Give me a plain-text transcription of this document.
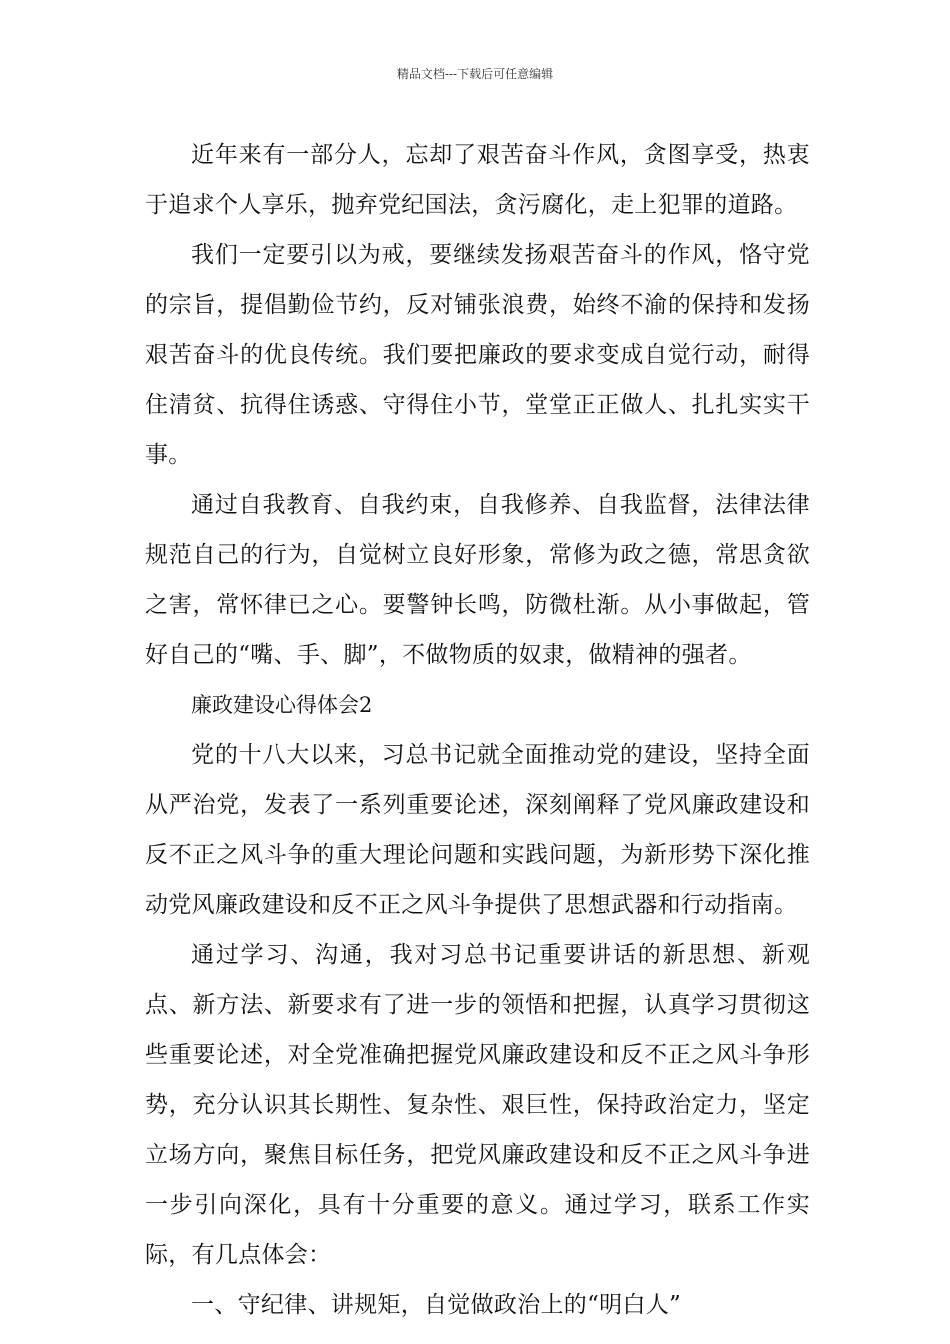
精品文档---下载后可任意编辑

近年来有一部分人，忘却了艰苦奋斗作风，贪图享受，热衷于追求个人享乐，抛弃党纪国法，贪污腐化，走上犯罪的道路。

我们一定要引以为戒，要继续发扬艰苦奋斗的作风，恪守党的宗旨，提倡勤俭节约，反对铺张浪费，始终不渝的保持和发扬艰苦奋斗的优良传统。我们要把廉政的要求变成自觉行动，耐得住清贫、抗得住诱惑、守得住小节，堂堂正正做人、扎扎实实干事。

通过自我教育、自我约束，自我修养、自我监督，法律法律规范自己的行为，自觉树立良好形象，常修为政之德，常思贪欲之害，常怀律已之心。要警钟长鸣，防微杜渐。从小事做起，管好自己的“嘴、手、脚”，不做物质的奴隶，做精神的强者。

廉政建设心得体会2

党的十八大以来，习总书记就全面推动党的建设，坚持全面从严治党，发表了一系列重要论述，深刻阐释了党风廉政建设和反不正之风斗争的重大理论问题和实践问题，为新形势下深化推动党风廉政建设和反不正之风斗争提供了思想武器和行动指南。

通过学习、沟通，我对习总书记重要讲话的新思想、新观点、新方法、新要求有了进一步的领悟和把握，认真学习贯彻这些重要论述，对全党准确把握党风廉政建设和反不正之风斗争形势，充分认识其长期性、复杂性、艰巨性，保持政治定力，坚定立场方向，聚焦目标任务，把党风廉政建设和反不正之风斗争进一步引向深化，具有十分重要的意义。通过学习，联系工作实际，有几点体会：

一、守纪律、讲规矩，自觉做政治上的“明白人”
